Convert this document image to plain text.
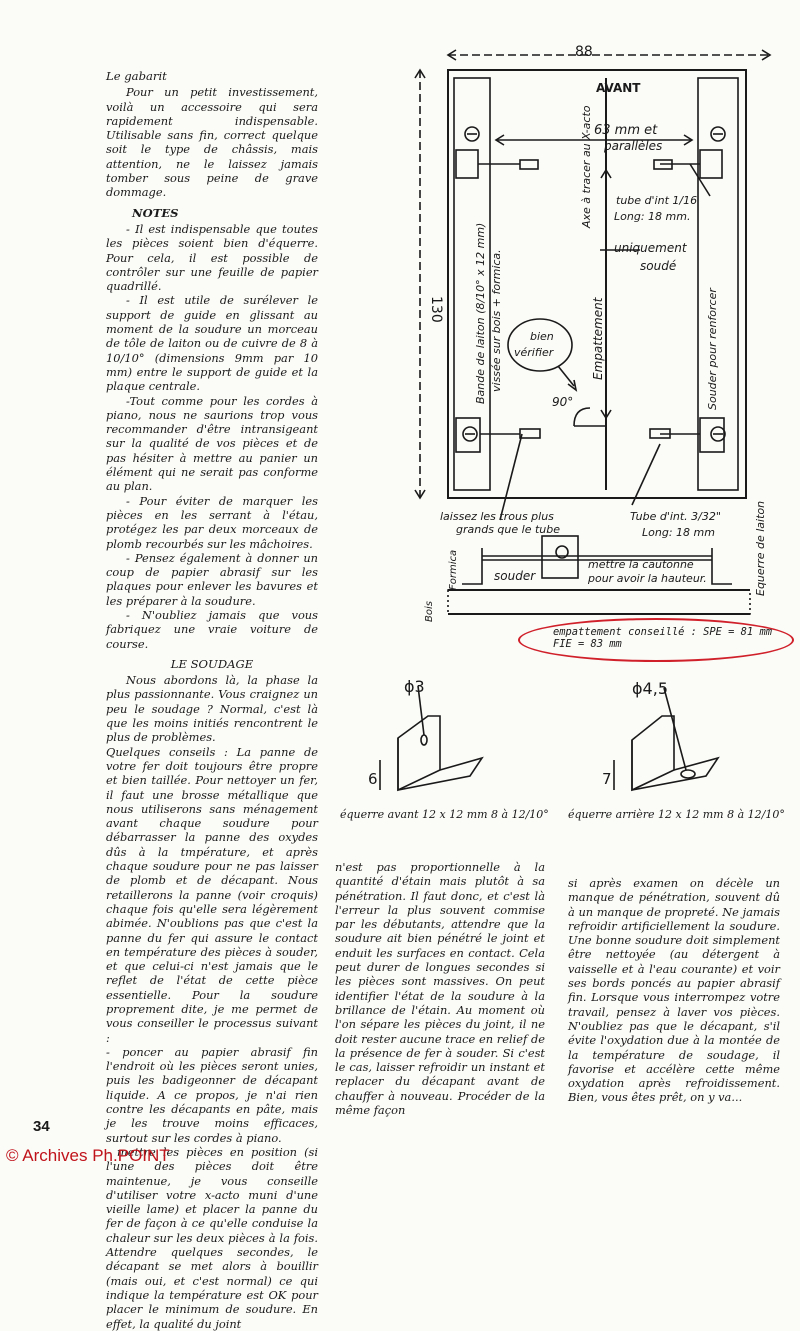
Le gabarit

Pour un petit investissement, voilà un accessoire qui sera rapidement indispensable. Utilisable sans fin, correct quelque soit le type de châssis, mais attention, ne le laissez jamais tomber sous peine de grave dommage.

NOTES

- Il est indispensable que toutes les pièces soient bien d'équerre. Pour cela, il est possible de contrôler sur une feuille de papier quadrillé.

- Il est utile de surélever le support de guide en glissant au moment de la soudure un morceau de tôle de laiton ou de cuivre de 8 à 10/10° (dimensions 9mm par 10 mm) entre le support de guide et la plaque centrale.

-Tout comme pour les cordes à piano, nous ne saurions trop vous recommander d'être intransigeant sur la qualité de vos pièces et de pas hésiter à mettre au panier un élément qui ne serait pas conforme au plan.

- Pour éviter de marquer les pièces en les serrant à l'étau, protégez les par deux morceaux de plomb recourbés sur les mâchoires.

- Pensez également à donner un coup de papier abrasif sur les plaques pour enlever les bavures et les préparer à la soudure.

- N'oubliez jamais que vous fabriquez une vraie voiture de course.

LE SOUDAGE

Nous abordons là, la phase la plus passionnante. Vous craignez un peu le soudage ? Normal, c'est là que les moins initiés rencontrent le plus de problèmes.

Quelques conseils : La panne de votre fer doit toujours être propre et bien taillée. Pour nettoyer un fer, il faut une brosse métallique que nous utiliserons sans ménagement avant chaque soudure pour débarrasser la panne des oxydes dûs à la tmpérature, et après chaque soudure pour ne pas laisser de plomb et de décapant. Nous retaillerons la panne (voir croquis) chaque fois qu'elle sera légèrement abimée. N'oublions pas que c'est la panne du fer qui assure le contact en température des pièces à souder, et que celui-ci n'est jamais que le reflet de l'état de cette pièce essentielle. Pour la soudure proprement dite, je me permet de vous conseiller le processus suivant :

- poncer au papier abrasif fin l'endroit où les pièces seront unies, puis les badigeonner de décapant liquide. A ce propos, je n'ai rien contre les décapants en pâte, mais je les trouve moins efficaces, surtout sur les cordes à piano.

- mettre les pièces en position (si l'une des pièces doit être maintenue, je vous conseille d'utiliser votre x-acto muni d'une vieille lame) et placer la panne du fer de façon à ce qu'elle conduise la chaleur sur les deux pièces à la fois. Attendre quelques secondes, le décapant se met alors à bouillir (mais oui, et c'est normal) ce qui indique la température est OK pour placer le minimum de soudure. En effet, la qualité du joint

n'est pas proportionnelle à la quantité d'étain mais plutôt à sa pénétration. Il faut donc, et c'est là l'erreur la plus souvent commise par les débutants, attendre que la soudure ait bien pénétré le joint et enduit les surfaces en contact. Cela peut durer de longues secondes si les pièces sont massives. On peut identifier l'état de la soudure à la brillance de l'étain. Au moment où l'on sépare les pièces du joint, il ne doit rester aucune trace en relief de la présence de fer à souder. Si c'est le cas, laisser refroidir un instant et replacer du décapant avant de chauffer à nouveau. Procéder de la même façon

si après examen on décèle un manque de pénétration, souvent dû à un manque de propreté. Ne jamais refroidir artificiellement la soudure. Une bonne soudure doit simplement être nettoyée (au détergent à vaisselle et à l'eau courante) et voir ses bords poncés au papier abrasif fin. Lorsque vous interrompez votre travail, pensez à laver vos pièces. N'oubliez pas que le décapant, s'il évite l'oxydation due à la montée de la température de soudage, il favorise et accélère cette même oxydation après refroidissement. Bien, vous êtes prêt, on y va...

88
130
AVANT
Axe à tracer au X-acto 63 mm et
parallèles
tube d'int 1/16
Long: 18 mm.
uniquement
soudé
Empattement
bien
vérifier
90°
Bande de laiton (8/10° x 12 mm) vissée sur bois + formica.	Souder pour renforcer
laissez les trous plus
grands que le tube
Tube d'int. 3/32"
Long: 18 mm	Equerre de laiton
Formica
Bois
souder
mettre la cautonne
pour avoir la hauteur.
ϕ3	ϕ4,5
6	7
empattement conseillé : SPE = 81 mm
FIE = 83 mm
équerre avant 12 x 12 mm 8 à 12/10° équerre arrière 12 x 12 mm 8 à 12/10°
34
© Archives Ph.POINT
